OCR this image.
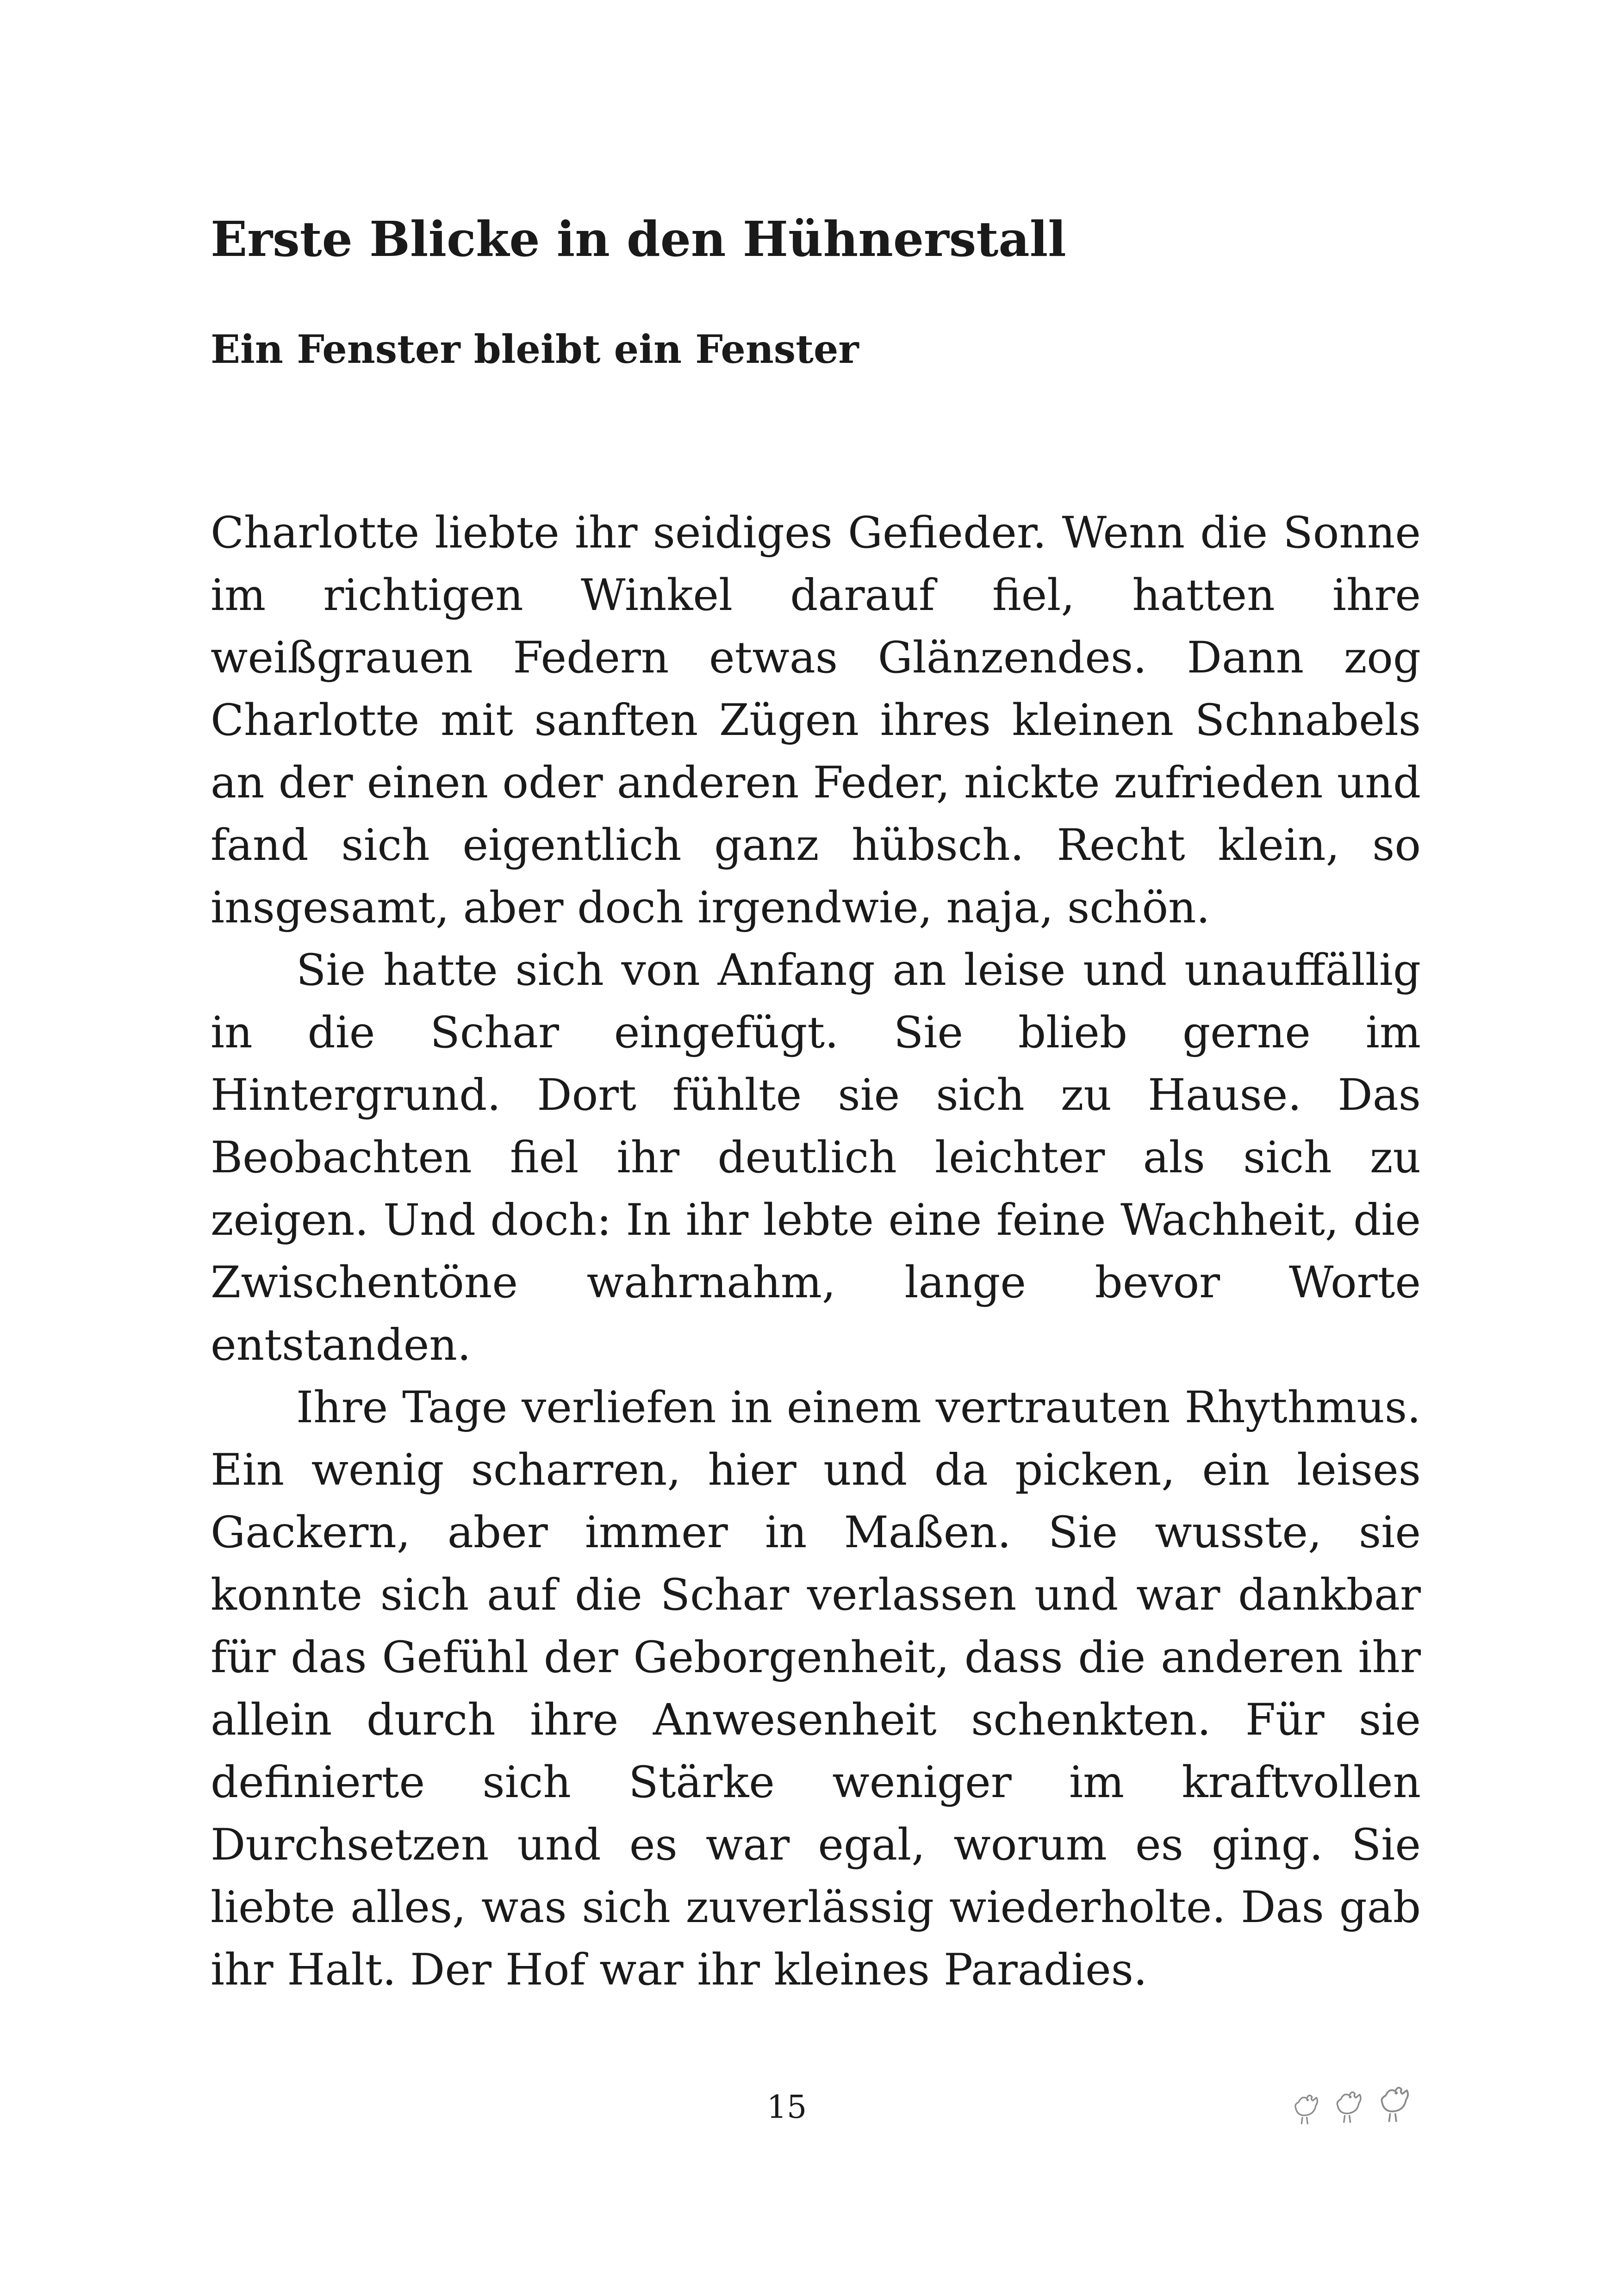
Erste Blicke in den Hühnerstall
Ein Fenster bleibt ein Fenster

Charlotte liebte ihr seidiges Gefieder. Wenn die Sonne im richtigen Winkel darauf fiel, hatten ihre weißgrauen Federn etwas Glänzendes. Dann zog Charlotte mit sanften Zügen ihres kleinen Schnabels an der einen oder anderen Feder, nickte zufrieden und fand sich eigentlich ganz hübsch. Recht klein, so insgesamt, aber doch irgendwie, naja, schön.

Sie hatte sich von Anfang an leise und unauffällig in die Schar eingefügt. Sie blieb gerne im Hintergrund. Dort fühlte sie sich zu Hause. Das Beobachten fiel ihr deutlich leichter als sich zu zeigen. Und doch: In ihr lebte eine feine Wachheit, die Zwischentöne wahrnahm, lange bevor Worte entstanden.

Ihre Tage verliefen in einem vertrauten Rhythmus. Ein wenig scharren, hier und da picken, ein leises Gackern, aber immer in Maßen. Sie wusste, sie konnte sich auf die Schar verlassen und war dankbar für das Gefühl der Geborgenheit, dass die anderen ihr allein durch ihre Anwesenheit schenkten. Für sie definierte sich Stärke weniger im kraftvollen Durchsetzen und es war egal, worum es ging. Sie liebte alles, was sich zuverlässig wiederholte. Das gab ihr Halt. Der Hof war ihr kleines Paradies.

15
